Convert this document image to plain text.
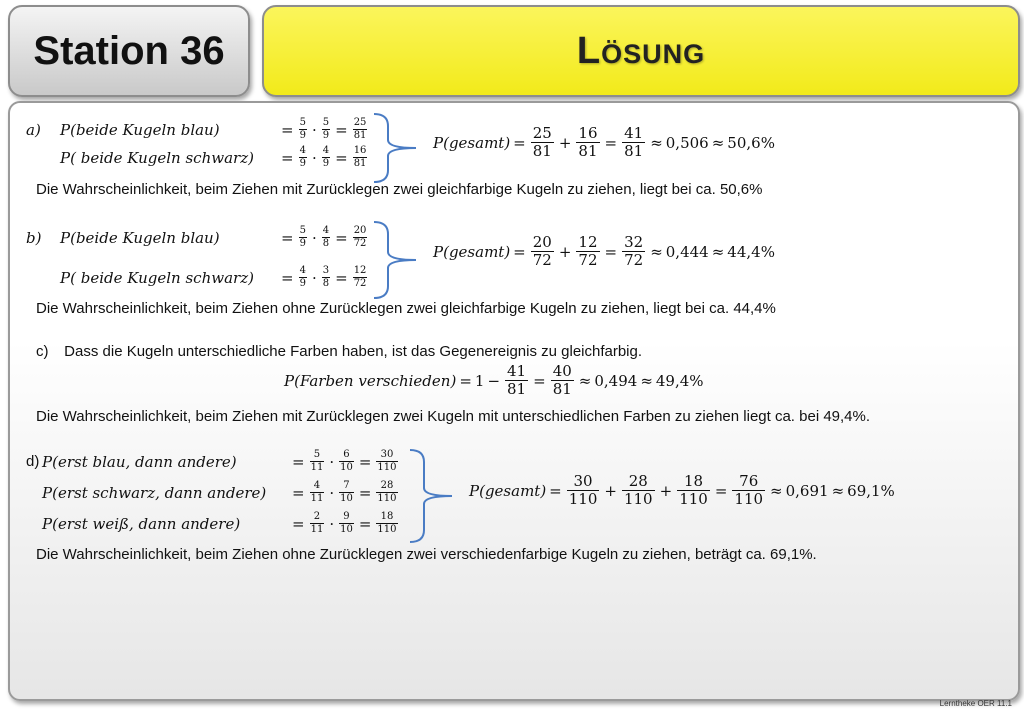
Station 36	Lösung
a)	P(beide Kugeln blau)	= $\frac{5}{9} \cdot \frac{5}{9} = \frac{25}{81}$
P( beide Kugeln schwarz)	= $\frac{4}{9} \cdot \frac{4}{9} = \frac{16}{81}$
P(gesamt) = $\frac{25}{81} + \frac{16}{81} = \frac{41}{81} \approx 0,506 \approx 50,6\%$
Die Wahrscheinlichkeit, beim Ziehen mit Zurücklegen zwei gleichfarbige Kugeln zu ziehen, liegt bei ca. 50,6%
b)	P(beide Kugeln blau)	= $\frac{5}{9} \cdot \frac{4}{8} = \frac{20}{72}$
P( beide Kugeln schwarz)	= $\frac{4}{9} \cdot \frac{3}{8} = \frac{12}{72}$
P(gesamt) = $\frac{20}{72} + \frac{12}{72} = \frac{32}{72} \approx 0,444 \approx 44,4\%$
Die Wahrscheinlichkeit, beim Ziehen ohne Zurücklegen zwei gleichfarbige Kugeln zu ziehen, liegt bei ca. 44,4%
c) Dass die Kugeln unterschiedliche Farben haben, ist das Gegenereignis zu gleichfarbig.
P(Farben verschieden) = $1 - \frac{41}{81} = \frac{40}{81} \approx 0,494 \approx 49,4\%$
Die Wahrscheinlichkeit, beim Ziehen mit Zurücklegen zwei Kugeln mit unterschiedlichen Farben zu ziehen liegt ca. bei 49,4%.
d) P(erst blau, dann andere)	= $\frac{5}{11} \cdot \frac{6}{10} = \frac{30}{110}$
P(erst schwarz, dann andere)	= $\frac{4}{11} \cdot \frac{7}{10} = \frac{28}{110}$
P(erst weiß, dann andere)	= $\frac{2}{11} \cdot \frac{9}{10} = \frac{18}{110}$
P(gesamt) = $\frac{30}{110} + \frac{28}{110} + \frac{18}{110} = \frac{76}{110} \approx 0,691 \approx 69,1\%$
Die Wahrscheinlichkeit, beim Ziehen ohne Zurücklegen zwei verschiedenfarbige Kugeln zu ziehen, beträgt ca. 69,1%.
Lerntheke OER 11.1
